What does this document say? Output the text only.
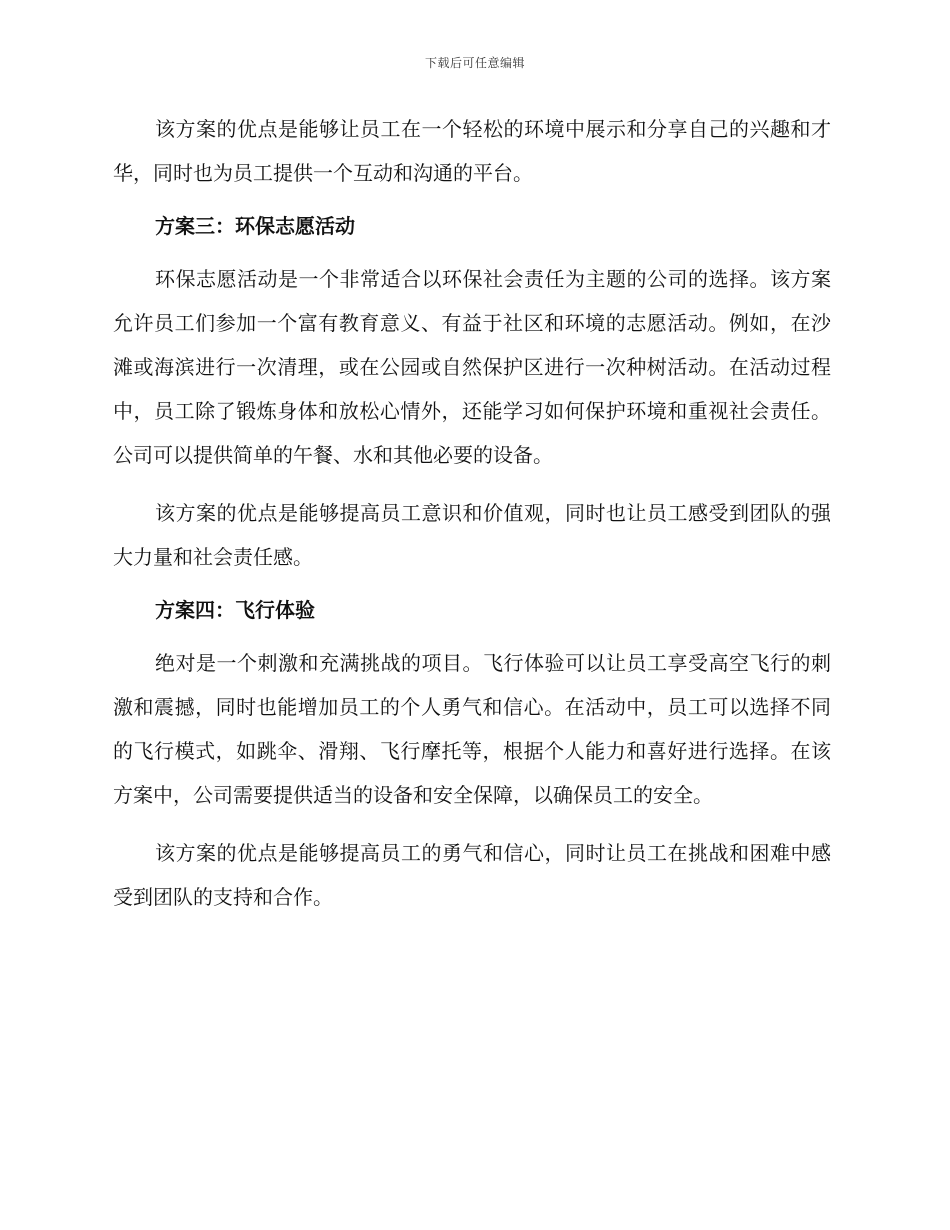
下载后可任意编辑

该方案的优点是能够让员工在一个轻松的环境中展示和分享自己的兴趣和才华，同时也为员工提供一个互动和沟通的平台。

方案三：环保志愿活动

环保志愿活动是一个非常适合以环保社会责任为主题的公司的选择。该方案允许员工们参加一个富有教育意义、有益于社区和环境的志愿活动。例如，在沙滩或海滨进行一次清理，或在公园或自然保护区进行一次种树活动。在活动过程中，员工除了锻炼身体和放松心情外，还能学习如何保护环境和重视社会责任。公司可以提供简单的午餐、水和其他必要的设备。

该方案的优点是能够提高员工意识和价值观，同时也让员工感受到团队的强大力量和社会责任感。

方案四：飞行体验

绝对是一个刺激和充满挑战的项目。飞行体验可以让员工享受高空飞行的刺激和震撼，同时也能增加员工的个人勇气和信心。在活动中，员工可以选择不同的飞行模式，如跳伞、滑翔、飞行摩托等，根据个人能力和喜好进行选择。在该方案中，公司需要提供适当的设备和安全保障，以确保员工的安全。

该方案的优点是能够提高员工的勇气和信心，同时让员工在挑战和困难中感受到团队的支持和合作。
